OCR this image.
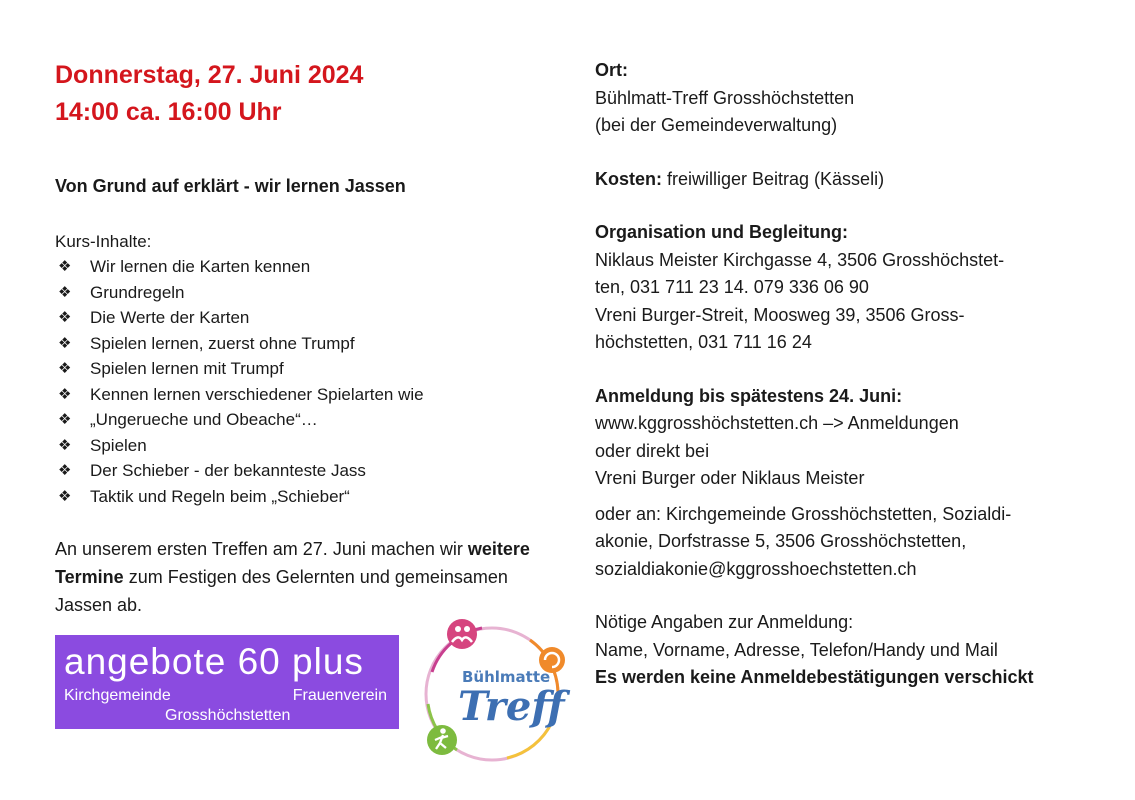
Donnerstag, 27. Juni 2024

14:00 ca. 16:00 Uhr

Von Grund auf erklärt - wir lernen Jassen

Kurs-Inhalte:
❖	Wir lernen die Karten kennen
❖	Grundregeln
❖	Die Werte der Karten
❖	Spielen lernen, zuerst ohne Trumpf
❖	Spielen lernen mit Trumpf
❖	Kennen lernen verschiedener Spielarten wie
❖	„Ungerueche und Obeache“…
❖	Spielen
❖	Der Schieber - der bekannteste Jass
❖	Taktik und Regeln beim „Schieber“
An unserem ersten Treffen am 27. Juni machen wir weitere Termine zum Festigen des Gelernten und gemeinsamen Jassen ab.
Ort:
Bühlmatt-Treff Grosshöchstetten
(bei der Gemeindeverwaltung)
Kosten: freiwilliger Beitrag (Kässeli)
Organisation und Begleitung:
Niklaus Meister Kirchgasse 4, 3506 Grosshöchstet-
ten, 031 711 23 14. 079 336 06 90
Vreni Burger-Streit, Moosweg 39, 3506 Gross-
höchstetten, 031 711 16 24
Anmeldung bis spätestens 24. Juni:
www.kggrosshöchstetten.ch –> Anmeldungen
oder direkt bei
Vreni Burger oder Niklaus Meister
oder an: Kirchgemeinde Grosshöchstetten, Sozialdi-
akonie, Dorfstrasse 5, 3506 Grosshöchstetten,
sozialdiakonie@kggrosshoechstetten.ch
Nötige Angaben zur Anmeldung:
Name, Vorname, Adresse, Telefon/Handy und Mail
Es werden keine Anmeldebestätigungen verschickt
angebote 60 plus
Kirchgemeinde	Frauenverein
Grosshöchstetten
Bühlmatte
Treff
